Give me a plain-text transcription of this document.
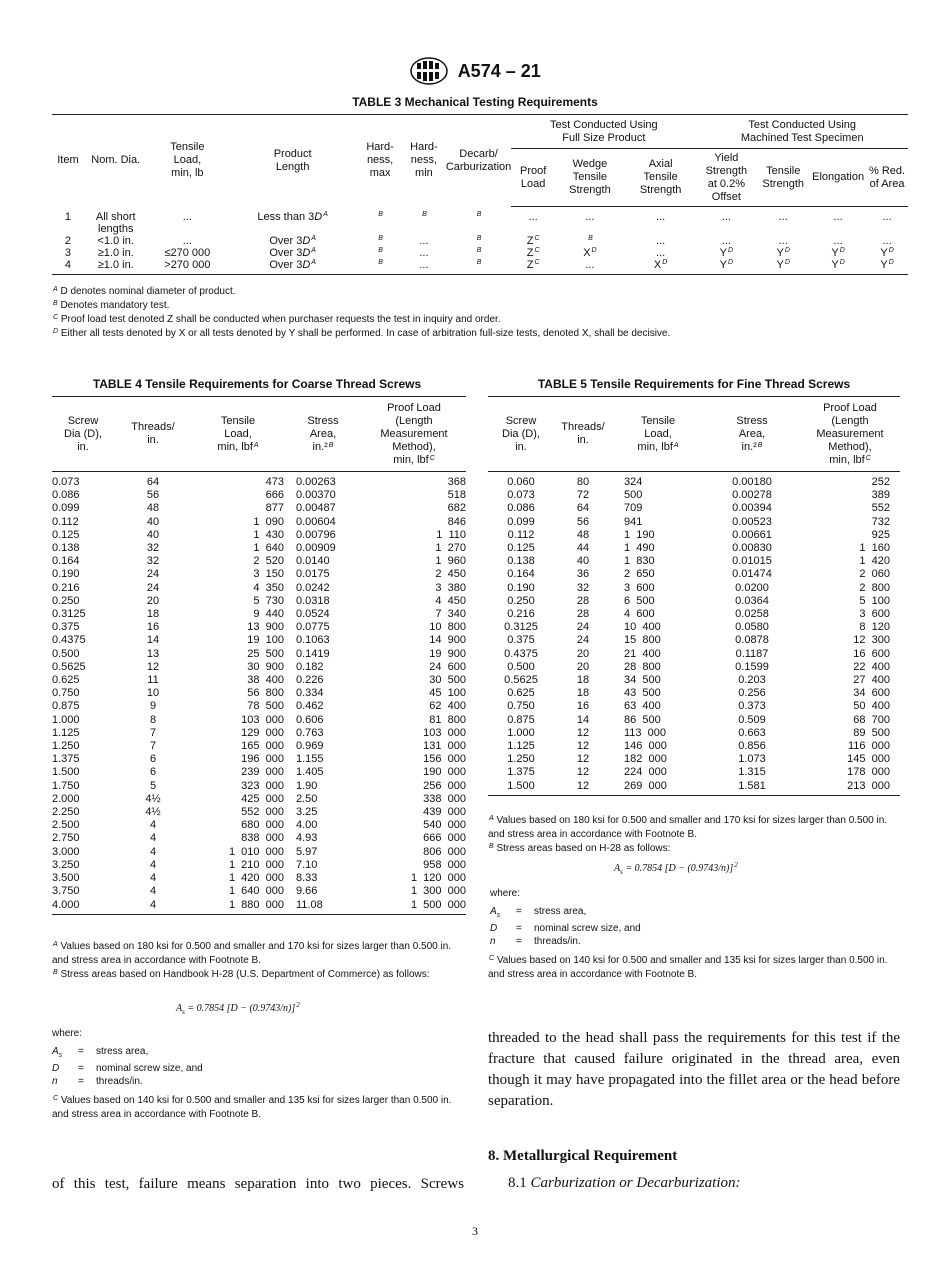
A574 – 21
TABLE 3 Mechanical Testing Requirements
Item	Nom. Dia.	Tensile
Load,
min, lb	Product
Length	Hard-
ness,
max	Hard-
ness,
min	Decarb/
Carburization	Test Conducted Using
Full Size Product			Test Conducted Using
Machined Test Specimen			
							Proof
Load	Wedge
Tensile
Strength	Axial
Tensile
Strength	Yield
Strength
at 0.2%
Offset	Tensile
Strength	Elongation	% Red.
of Area
1	All short	...	Less than $3D^A$	$^B$	$^B$	$^B$	...	...	...	...	...	...	...
	lengths												
2	<1.0 in.	...	Over $3D^A$	$^B$	...	$^B$	$Z^C$	$^B$	...	...	...	...	...
3	≥1.0 in.	≤270 000	Over $3D^A$	$^B$	...	$^B$	$Z^C$	$X^D$	...	$Y^D$	$Y^D$	$Y^D$	$Y^D$
4	≥1.0 in.	>270 000	Over $3D^A$	$^B$	...	$^B$	$Z^C$	...	$X^D$	$Y^D$	$Y^D$	$Y^D$	$Y^D$
$^A$ D denotes nominal diameter of product.
$^B$ Denotes mandatory test.
$^C$ Proof load test denoted Z shall be conducted when purchaser requests the test in inquiry and order.
$^D$ Either all tests denoted by X or all tests denoted by Y shall be performed. In case of arbitration full-size tests, denoted X, shall be decisive.
TABLE 4 Tensile Requirements for Coarse Thread Screws
Screw
Dia (D),
in.	Threads/
in.	Tensile
Load,
min, lbf$^A$	Stress
Area,
in.²$^B$	Proof Load
(Length
Measurement
Method),
min, lbf$^C$
0.073	64	473	0.00263	368
0.086	56	666	0.00370	518
0.099	48	877	0.00487	682
0.112	40	1  090	0.00604	846
0.125	40	1  430	0.00796	1  110
0.138	32	1  640	0.00909	1  270
0.164	32	2  520	0.0140	1  960
0.190	24	3  150	0.0175	2  450
0.216	24	4  350	0.0242	3  380
0.250	20	5  730	0.0318	4  450
0.3125	18	9  440	0.0524	7  340
0.375	16	13  900	0.0775	10  800
0.4375	14	19  100	0.1063	14  900
0.500	13	25  500	0.1419	19  900
0.5625	12	30  900	0.182	24  600
0.625	11	38  400	0.226	30  500
0.750	10	56  800	0.334	45  100
0.875	9	78  500	0.462	62  400
1.000	8	103  000	0.606	81  800
1.125	7	129  000	0.763	103  000
1.250	7	165  000	0.969	131  000
1.375	6	196  000	1.155	156  000
1.500	6	239  000	1.405	190  000
1.750	5	323  000	1.90	256  000
2.000	4½	425  000	2.50	338  000
2.250	4½	552  000	3.25	439  000
2.500	4	680  000	4.00	540  000
2.750	4	838  000	4.93	666  000
3.000	4	1  010  000	5.97	806  000
3.250	4	1  210  000	7.10	958  000
3.500	4	1  420  000	8.33	1  120  000
3.750	4	1  640  000	9.66	1  300  000
4.000	4	1  880  000	11.08	1  500  000
$^A$ Values based on 180 ksi for 0.500 and smaller and 170 ksi for sizes larger than 0.500 in. and stress area in accordance with Footnote B.
$^B$ Stress areas based on Handbook H-28 (U.S. Department of Commerce) as follows:
$A_s = 0.7854$ $[D - (0.9743/n)]^2$
where:
$A_s$ = stress area,
D = nominal screw size, and
n = threads/in.
$^C$ Values based on 140 ksi for 0.500 and smaller and 135 ksi for sizes larger than 0.500 in. and stress area in accordance with Footnote B.
TABLE 5 Tensile Requirements for Fine Thread Screws
Screw
Dia (D),
in.	Threads/
in.	Tensile
Load,
min, lbf$^A$	Stress
Area,
in.²$^B$	Proof Load
(Length
Measurement
Method),
min, lbf$^C$
0.060	80	324	0.00180	252
0.073	72	500	0.00278	389
0.086	64	709	0.00394	552
0.099	56	941	0.00523	732
0.112	48	1  190	0.00661	925
0.125	44	1  490	0.00830	1  160
0.138	40	1  830	0.01015	1  420
0.164	36	2  650	0.01474	2  060
0.190	32	3  600	0.0200	2  800
0.250	28	6  500	0.0364	5  100
0.216	28	4  600	0.0258	3  600
0.3125	24	10  400	0.0580	8  120
0.375	24	15  800	0.0878	12  300
0.4375	20	21  400	0.1187	16  600
0.500	20	28  800	0.1599	22  400
0.5625	18	34  500	0.203	27  400
0.625	18	43  500	0.256	34  600
0.750	16	63  400	0.373	50  400
0.875	14	86  500	0.509	68  700
1.000	12	113  000	0.663	89  500
1.125	12	146  000	0.856	116  000
1.250	12	182  000	1.073	145  000
1.375	12	224  000	1.315	178  000
1.500	12	269  000	1.581	213  000
$^A$ Values based on 180 ksi for 0.500 and smaller and 170 ksi for sizes larger than 0.500 in. and stress area in accordance with Footnote B.
$^B$ Stress areas based on H-28 as follows:
$A_s = 0.7854$ $[D - (0.9743/n)]^2$
where:
$A_s$ = stress area,
D = nominal screw size, and
n = threads/in.
$^C$ Values based on 140 ksi for 0.500 and smaller and 135 ksi for sizes larger than 0.500 in. and stress area in accordance with Footnote B.
threaded to the head shall pass the requirements for this test if the fracture that caused failure originated in the thread area, even though it may have propagated into the fillet area or the head before separation.
8. Metallurgical Requirement
8.1 Carburization or Decarburization:
of this test, failure means separation into two pieces. Screws
3
